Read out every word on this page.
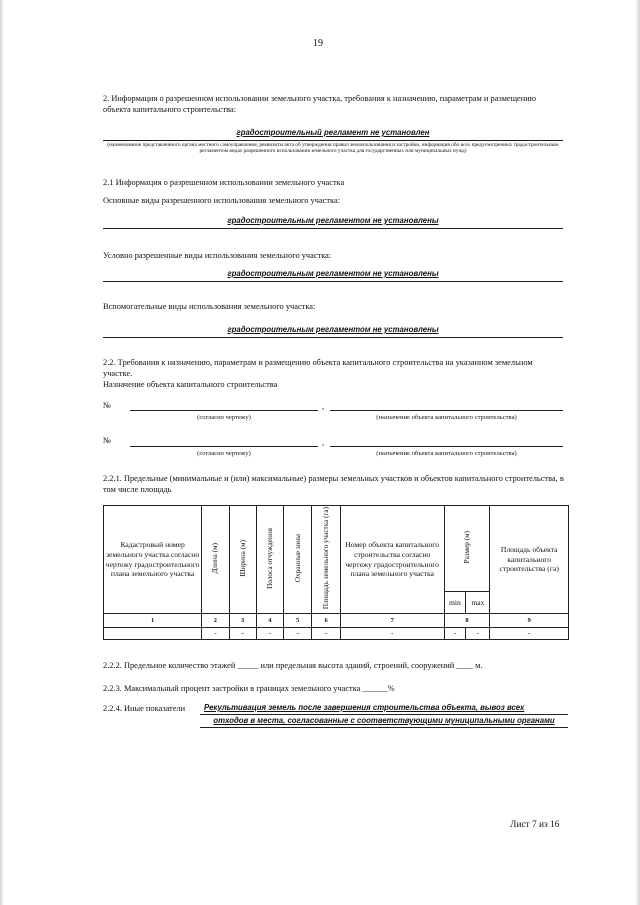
19
2. Информация о разрешенном использовании земельного участка, требования к назначению, параметрам и размещению объекта капитального строительства:
градостроительный регламент не установлен
(наименование представленного органа местного самоуправления, реквизиты акта об утверждении правил землепользования и застройки, информация обо всех предусмотренных градостроительным регламентом видах разрешенного использования земельного участка для государственных или муниципальных нужд)
2.1 Информация о разрешенном использовании земельного участка
Основные виды разрешенного использования земельного участка:
градостроительным регламентом не установлены
Условно разрешенные виды использования земельного участка:
градостроительным регламентом не установлены
Вспомогательные виды использования земельного участка:
градостроительным регламентом не установлены
2.2. Требования к назначению, параметрам и размещению объекта капитального строительства на указанном земельном участке.
Назначение объекта капитального строительства
№	,
(согласно чертежу)	(назначение объекта капитального строительства)
№	,
(согласно чертежу)	(назначение объекта капитального строительства)
2.2.1. Предельные (минимальные и (или) максимальные) размеры земельных участков и объектов капитального строительства, в том числе площадь
Кадастровый номер земельного участка согласно чертежу градостроительного плана земельного участка	Длина (м)	Ширина (м)	Полоса отчуждения	Охранные зоны	Площадь земельного участка (га)	Номер объекта капитального строительства согласно чертежу градостроительного плана земельного участка	Размер (м)		Площадь объекта капитального строительства (га)
							min	max	
1	2	3	4	5	6	7	8		9
	-	-	-	-	-	-	-	-	-
2.2.2. Предельное количество этажей _____ или предельная высота зданий, строений, сооружений ____ м.
2.2.3. Максимальный процент застройки в границах земельного участка ______%
2.2.4. Иные показатели	Рекультивация земель после завершения строительства объекта, вывоз всех
отходов в места, согласованные с соответствующими муниципальными органами
Лист 7 из 16
